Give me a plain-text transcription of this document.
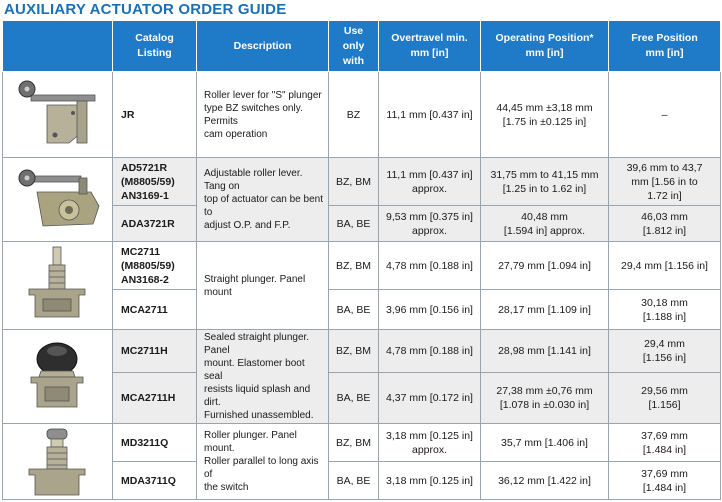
AUXILIARY ACTUATOR ORDER GUIDE

	Catalog
Listing	Description	Use
only
with	Overtravel min.
mm [in]	Operating Position*
mm [in]	Free Position
mm [in]

JR	Roller lever for "S" plunger
type BZ switches only. Permits
cam operation	BZ	11,1 mm [0.437 in]	44,45 mm ±3,18 mm
[1.75 in ±0.125 in]	–

AD5721R
(M8805/59)
AN3169-1	Adjustable roller lever. Tang on
top of actuator can be bent to
adjust O.P. and F.P.	BZ, BM	11,1 mm [0.437 in]
approx.	31,75 mm to 41,15 mm
[1.25 in to 1.62 in]	39,6 mm to 43,7
mm [1.56 in to
1.72 in]

	ADA3721R		BA, BE	9,53 mm [0.375 in]
approx.	40,48 mm
[1.594 in] approx.	46,03 mm
[1.812 in]

MC2711
(M8805/59)
AN3168-2	Straight plunger. Panel mount	BZ, BM	4,78 mm [0.188 in]	27,79 mm [1.094 in]	29,4 mm [1.156 in]

	MCA2711		BA, BE	3,96 mm [0.156 in]	28,17 mm [1.109 in]	30,18 mm
[1.188 in]

MC2711H	Sealed straight plunger. Panel
mount. Elastomer boot seal
resists liquid splash and dirt.
Furnished unassembled.	BZ, BM	4,78 mm [0.188 in]	28,98 mm [1.141 in]	29,4 mm
[1.156 in]

	MCA2711H		BA, BE	4,37 mm [0.172 in]	27,38 mm ±0,76 mm
[1.078 in ±0.030 in]	29,56 mm
[1.156]

MD3211Q	Roller plunger. Panel mount.
Roller parallel to long axis of
the switch	BZ, BM	3,18 mm [0.125 in]
approx.	35,7 mm [1.406 in]	37,69 mm
[1.484 in]

	MDA3711Q		BA, BE	3,18 mm [0.125 in]	36,12 mm [1.422 in]	37,69 mm
[1.484 in]
